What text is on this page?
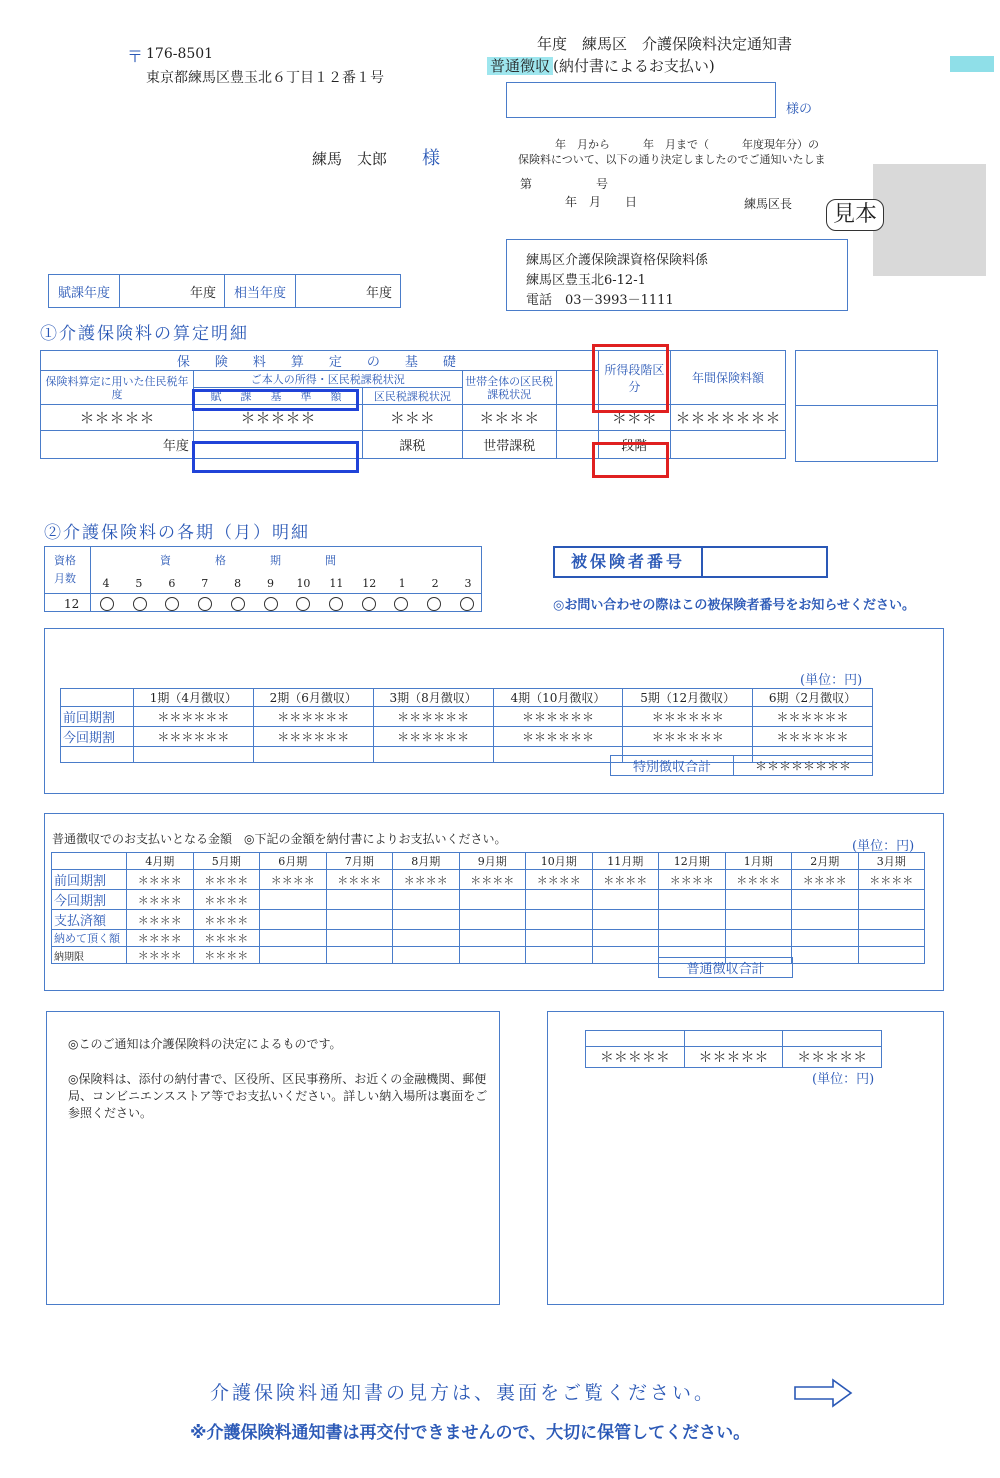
〒 176-8501
東京都練馬区豊玉北６丁目１２番１号
練馬　太郎 様
年度　練馬区　介護保険料決定通知書
普通徴収 (納付書によるお支払い)
様の
年　月から　　　年　月まで（　　　年度現年分）の
保険料について、以下の通り決定しましたのでご通知いたしま
第	号
年　月　　日	練馬区長	見本
練馬区介護保険課資格保険料係
練馬区豊玉北6-12-1
電話　03－3993－1111
賦課年度	年度	相当年度	年度
①介護保険料の算定明細
保　険　料　算　定　の　基　礎					所得段階区分	年間保険料額
保険料算定に用いた住民税年度	ご本人の所得・区民税課税状況		世帯全体の区民税課税状況			
	賦　課　基　準　額	区民税課税状況				
＊＊＊＊＊	＊＊＊＊＊	＊＊＊	＊＊＊＊		＊＊＊	＊＊＊＊＊＊＊
年度		課税	世帯課税		段階	
②介護保険料の各期（月）明細
資格
月数
資　　　　格　　　　期　　　　間
4	5	6	7	8	9	10 11 12	1	2	3
12
被保険者番号
◎お問い合わせの際はこの被保険者番号をお知らせください。
(単位：円)
	1期（4月徴収）	2期（6月徴収）	3期（8月徴収）	4期（10月徴収）	5期（12月徴収）	6期（2月徴収）
前回期割	＊＊＊＊＊＊	＊＊＊＊＊＊	＊＊＊＊＊＊	＊＊＊＊＊＊	＊＊＊＊＊＊	＊＊＊＊＊＊
今回期割	＊＊＊＊＊＊	＊＊＊＊＊＊	＊＊＊＊＊＊	＊＊＊＊＊＊	＊＊＊＊＊＊	＊＊＊＊＊＊

特別徴収合計	＊＊＊＊＊＊＊＊
普通徴収でのお支払いとなる金額　◎下記の金額を納付書によりお支払いください。	(単位：円)
	4月期	5月期	6月期	7月期	8月期	9月期	10月期	11月期	12月期	1月期	2月期	3月期
前回期割	＊＊＊＊	＊＊＊＊	＊＊＊＊	＊＊＊＊	＊＊＊＊	＊＊＊＊	＊＊＊＊	＊＊＊＊	＊＊＊＊	＊＊＊＊	＊＊＊＊	＊＊＊＊
今回期割	＊＊＊＊	＊＊＊＊										
支払済額	＊＊＊＊	＊＊＊＊										
納めて頂く額	＊＊＊＊	＊＊＊＊										
納期限	＊＊＊＊	＊＊＊＊										
普通徴収合計
◎このご通知は介護保険料の決定によるものです。
◎保険料は、添付の納付書で、区役所、区民事務所、お近くの金融機関、郵便局、コンビニエンスストア等でお支払いください。詳しい納入場所は裏面をご参照ください。

＊＊＊＊＊	＊＊＊＊＊	＊＊＊＊＊
(単位：円)
介護保険料通知書の見方は、裏面をご覧ください。
※介護保険料通知書は再交付できませんので、大切に保管してください。
